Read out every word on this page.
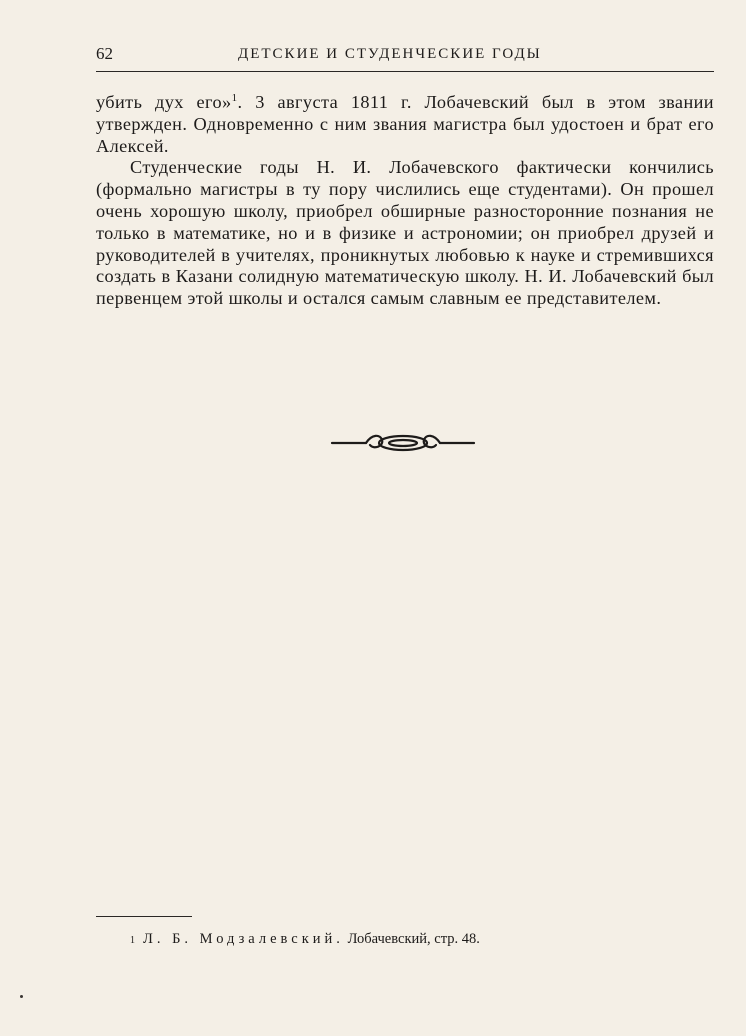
62	ДЕТСКИЕ И СТУДЕНЧЕСКИЕ ГОДЫ

убить дух его»$^1$. 3 августа 1811 г. Лобачевский был в этом звании утвержден. Одновременно с ним звания магистра был удостоен и брат его Алексей.

Студенческие годы Н. И. Лобачевского фактически кончились (формально магистры в ту пору числились еще студентами). Он прошел очень хорошую школу, приобрел обширные разносторонние познания не только в математике, но и в физике и астрономии; он приобрел друзей и руководителей в учителях, проникнутых любовью к науке и стремившихся создать в Казани солидную математическую школу. Н. И. Лобачевский был первенцем этой школы и остался самым славным ее представителем.

1 Л. Б. Модзалевский. Лобачевский, стр. 48.
